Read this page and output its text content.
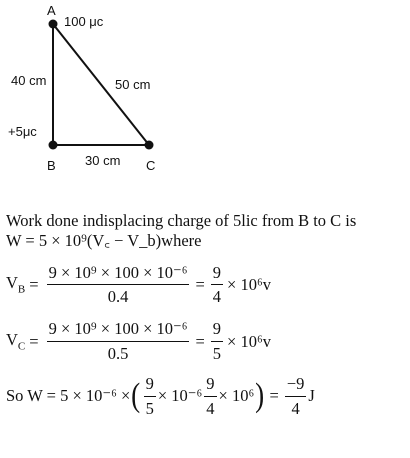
A
100 μc
40 cm	50 cm
+5μc
B 30 cm C
Work done indisplacing charge of 5lic from B to C is
W = 5 × 10⁹(V꜀ − V_b)where
$V_B = \frac{\text{9 × 10⁹ × 100 × 10⁻⁶}}{0.4} = \frac{9}{4} \times 10^6v$
$V_C = \frac{\text{9 × 10⁹ × 100 × 10⁻⁶}}{0.5} = \frac{9}{5} \times 10^6v$
So W = 5 × 10⁻⁶ × ( $\frac{9}{5} \times 10^{-6} \frac{9}{4} \times 10^6$ ) = $\frac{-9}{4}$ J
